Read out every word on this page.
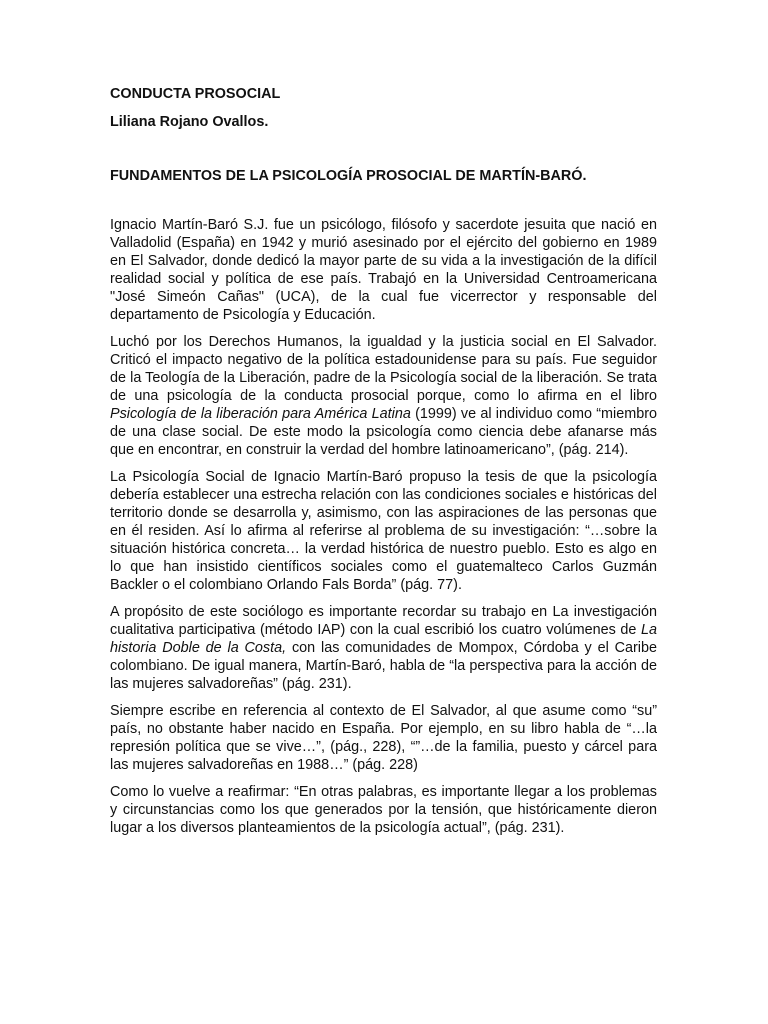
CONDUCTA PROSOCIAL

Liliana Rojano Ovallos.

FUNDAMENTOS DE LA PSICOLOGÍA PROSOCIAL DE MARTÍN-BARÓ.

Ignacio Martín-Baró S.J. fue un psicólogo, filósofo y sacerdote jesuita que nació en Valladolid (España) en 1942 y murió asesinado por el ejército del gobierno en 1989 en El Salvador, donde dedicó la mayor parte de su vida a la investigación de la difícil realidad social y política de ese país. Trabajó en la Universidad Centroamericana "José Simeón Cañas" (UCA), de la cual fue vicerrector y responsable del departamento de Psicología y Educación.

Luchó por los Derechos Humanos, la igualdad y la justicia social en El Salvador. Criticó el impacto negativo de la política estadounidense para su país. Fue seguidor de la Teología de la Liberación, padre de la Psicología social de la liberación. Se trata de una psicología de la conducta prosocial porque, como lo afirma en el libro Psicología de la liberación para América Latina (1999) ve al individuo como “miembro de una clase social. De este modo la psicología como ciencia debe afanarse más que en encontrar, en construir la verdad del hombre latinoamericano”, (pág. 214).

La Psicología Social de Ignacio Martín-Baró propuso la tesis de que la psicología debería establecer una estrecha relación con las condiciones sociales e históricas del territorio donde se desarrolla y, asimismo, con las aspiraciones de las personas que en él residen. Así lo afirma al referirse al problema de su investigación: “…sobre la situación histórica concreta… la verdad histórica de nuestro pueblo. Esto es algo en lo que han insistido científicos sociales como el guatemalteco Carlos Guzmán Backler o el colombiano Orlando Fals Borda” (pág. 77).

A propósito de este sociólogo es importante recordar su trabajo en La investigación cualitativa participativa (método IAP) con la cual escribió los cuatro volúmenes de La historia Doble de la Costa, con las comunidades de Mompox, Córdoba y el Caribe colombiano. De igual manera, Martín-Baró, habla de “la perspectiva para la acción de las mujeres salvadoreñas” (pág. 231).

Siempre escribe en referencia al contexto de El Salvador, al que asume como “su” país, no obstante haber nacido en España. Por ejemplo, en su libro habla de “…la represión política que se vive…”, (pág., 228), “”…de la familia, puesto y cárcel para las mujeres salvadoreñas en 1988…” (pág. 228)

Como lo vuelve a reafirmar: “En otras palabras, es importante llegar a los problemas y circunstancias como los que generados por la tensión, que históricamente dieron lugar a los diversos planteamientos de la psicología actual”, (pág. 231).
